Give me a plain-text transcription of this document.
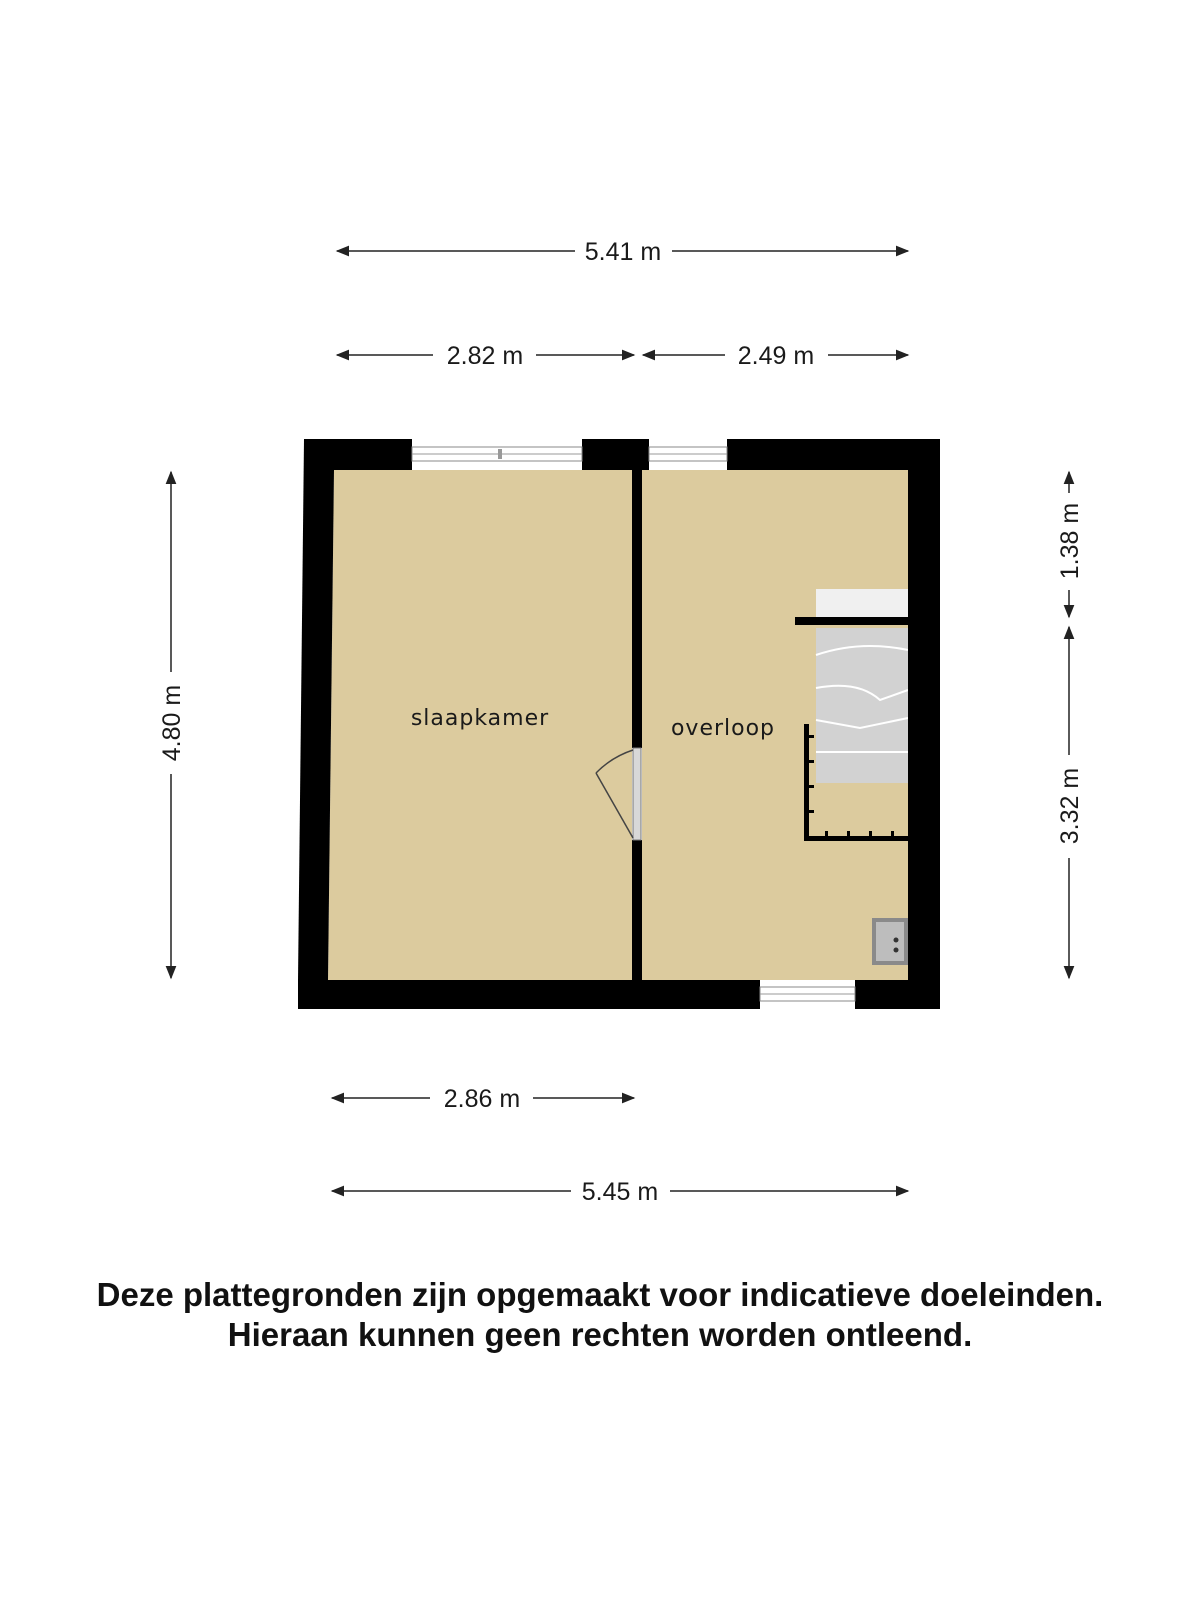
slaapkamer	overloop
5.41 m
2.82 m	2.49 m
4.80 m
1.38 m
3.32 m
2.86 m
5.45 m
Deze plattegronden zijn opgemaakt voor indicatieve doeleinden.
Hieraan kunnen geen rechten worden ontleend.
